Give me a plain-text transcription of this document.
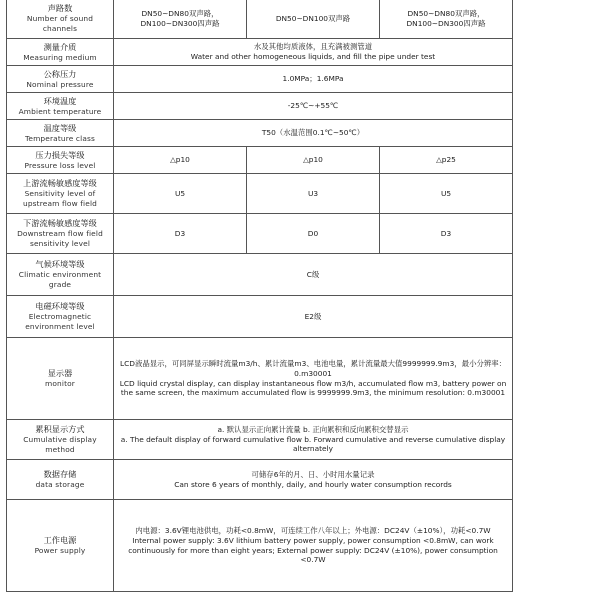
声路数
Number of sound channels	DN50~DN80双声路，DN100~DN300四声路	DN50~DN100双声路	DN50~DN80双声路，DN100~DN300四声路

测量介质
Measuring medium	水及其他均质液体，且充满被测管道
Water and other homogeneous liquids, and fill the pipe under test		

公称压力
Nominal pressure	1.0MPa；1.6MPa		

环境温度
Ambient temperature	-25℃~+55℃		

温度等级
Temperature class	T50（水温范围0.1℃~50℃）		

压力损失等级
Pressure loss level	△p10	△p10	△p25

上游流畅敏感度等级
Sensitivity level of upstream flow field	U5	U3	U5

下游流畅敏感度等级
Downstream flow field sensitivity level	D3	D0	D3

气候环境等级
Climatic environment grade	C级		

电磁环境等级
Electromagnetic environment level	E2级		

显示器
monitor	LCD液晶显示，可同屏显示瞬时流量m3/h、累计流量m3、电池电量，累计流量最大值9999999.9m3，最小分辨率：0.m30001
LCD liquid crystal display, can display instantaneous flow m3/h, accumulated flow m3, battery power on the same screen, the maximum accumulated flow is 9999999.9m3, the minimum resolution: 0.m30001		

累积显示方式
Cumulative display method	a. 默认显示正向累计流量 b. 正向累积和反向累积交替显示
a. The default display of forward cumulative flow b. Forward cumulative and reverse cumulative display alternately		

数据存储
data storage	可储存6年的月、日、小时用水量记录
Can store 6 years of monthly, daily, and hourly water consumption records		

工作电源
Power supply	内电源：3.6V锂电池供电，功耗<0.8mW，可连续工作八年以上；外电源：DC24V（±10%），功耗<0.7W
Internal power supply: 3.6V lithium battery power supply, power consumption <0.8mW, can work continuously for more than eight years; External power supply: DC24V (±10%), power consumption <0.7W		
